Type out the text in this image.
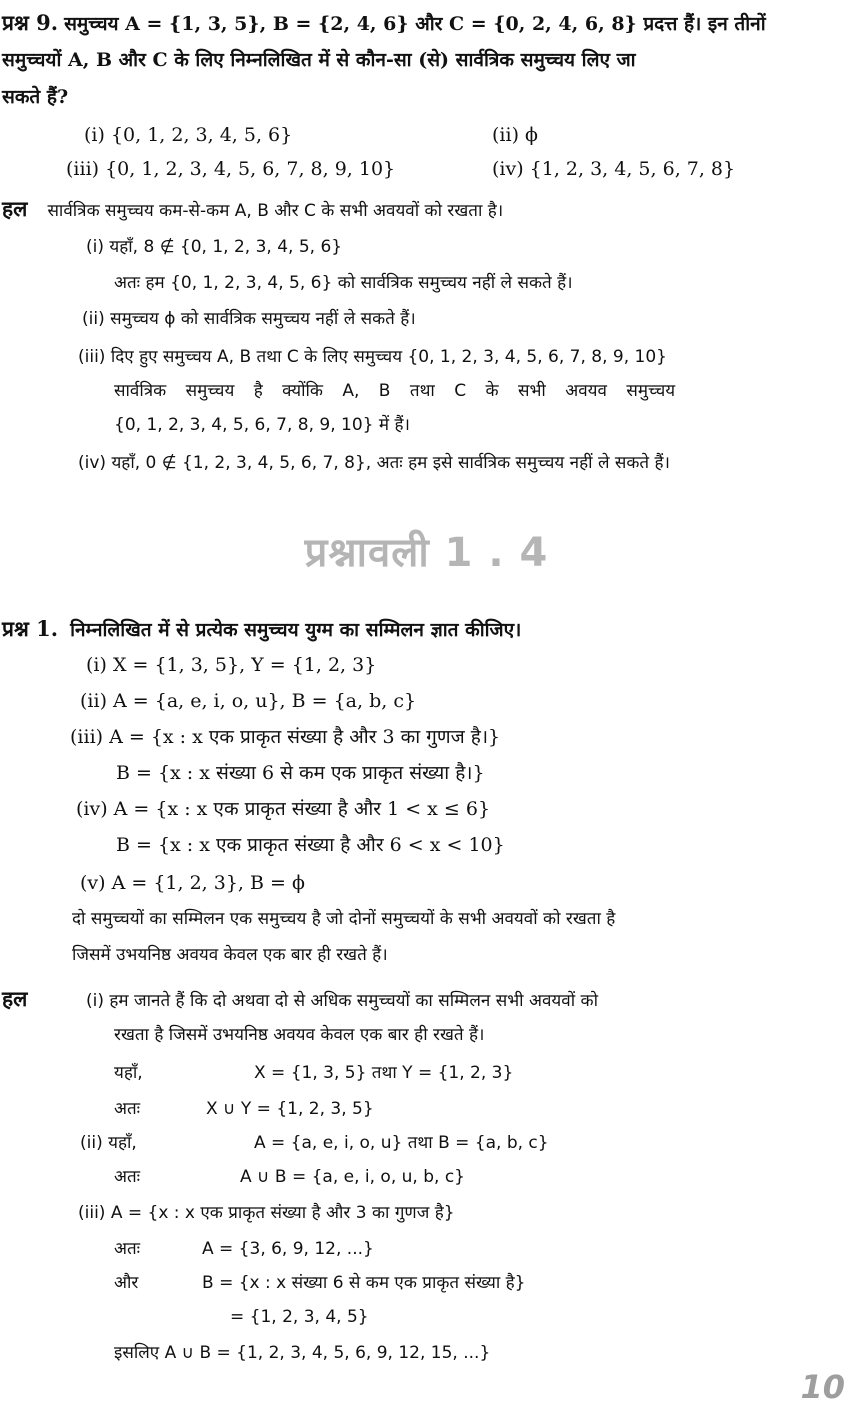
प्रश्न 9. समुच्चय A = {1, 3, 5}, B = {2, 4, 6} और C = {0, 2, 4, 6, 8} प्रदत्त हैं। इन तीनों
समुच्चयों A, B और C के लिए निम्नलिखित में से कौन-सा (से) सार्वत्रिक समुच्चय लिए जा
सकते हैं?
(i) {0, 1, 2, 3, 4, 5, 6}	(ii) ϕ
(iii) {0, 1, 2, 3, 4, 5, 6, 7, 8, 9, 10}	(iv) {1, 2, 3, 4, 5, 6, 7, 8}
हल सार्वत्रिक समुच्चय कम-से-कम A, B और C के सभी अवयवों को रखता है।
(i) यहाँ, 8 ∉ {0, 1, 2, 3, 4, 5, 6}
अतः हम {0, 1, 2, 3, 4, 5, 6} को सार्वत्रिक समुच्चय नहीं ले सकते हैं।
(ii) समुच्चय ϕ को सार्वत्रिक समुच्चय नहीं ले सकते हैं।
(iii) दिए हुए समुच्चय A, B तथा C के लिए समुच्चय {0, 1, 2, 3, 4, 5, 6, 7, 8, 9, 10}
सार्वत्रिक समुच्चय है क्योंकि A, B तथा C के सभी अवयव समुच्चय
{0, 1, 2, 3, 4, 5, 6, 7, 8, 9, 10} में हैं।
(iv) यहाँ, 0 ∉ {1, 2, 3, 4, 5, 6, 7, 8}, अतः हम इसे सार्वत्रिक समुच्चय नहीं ले सकते हैं।
प्रश्नावली 1 . 4
प्रश्न 1. निम्नलिखित में से प्रत्येक समुच्चय युग्म का सम्मिलन ज्ञात कीजिए।
(i) X = {1, 3, 5}, Y = {1, 2, 3}
(ii) A = {a, e, i, o, u}, B = {a, b, c}
(iii) A = {x : x एक प्राकृत संख्या है और 3 का गुणज है।}
B = {x : x संख्या 6 से कम एक प्राकृत संख्या है।}
(iv) A = {x : x एक प्राकृत संख्या है और 1 < x ≤ 6}
B = {x : x एक प्राकृत संख्या है और 6 < x < 10}
(v) A = {1, 2, 3}, B = ϕ
दो समुच्चयों का सम्मिलन एक समुच्चय है जो दोनों समुच्चयों के सभी अवयवों को रखता है
जिसमें उभयनिष्ठ अवयव केवल एक बार ही रखते हैं।
हल	(i) हम जानते हैं कि दो अथवा दो से अधिक समुच्चयों का सम्मिलन सभी अवयवों को
रखता है जिसमें उभयनिष्ठ अवयव केवल एक बार ही रखते हैं।
यहाँ,	X = {1, 3, 5} तथा Y = {1, 2, 3}
अतः	X ∪ Y = {1, 2, 3, 5}
(ii) यहाँ,	A = {a, e, i, o, u} तथा B = {a, b, c}
अतः	A ∪ B = {a, e, i, o, u, b, c}
(iii) A = {x : x एक प्राकृत संख्या है और 3 का गुणज है}
अतः	A = {3, 6, 9, 12, ...}
और	B = {x : x संख्या 6 से कम एक प्राकृत संख्या है}
= {1, 2, 3, 4, 5}
इसलिए A ∪ B = {1, 2, 3, 4, 5, 6, 9, 12, 15, ...}
10
